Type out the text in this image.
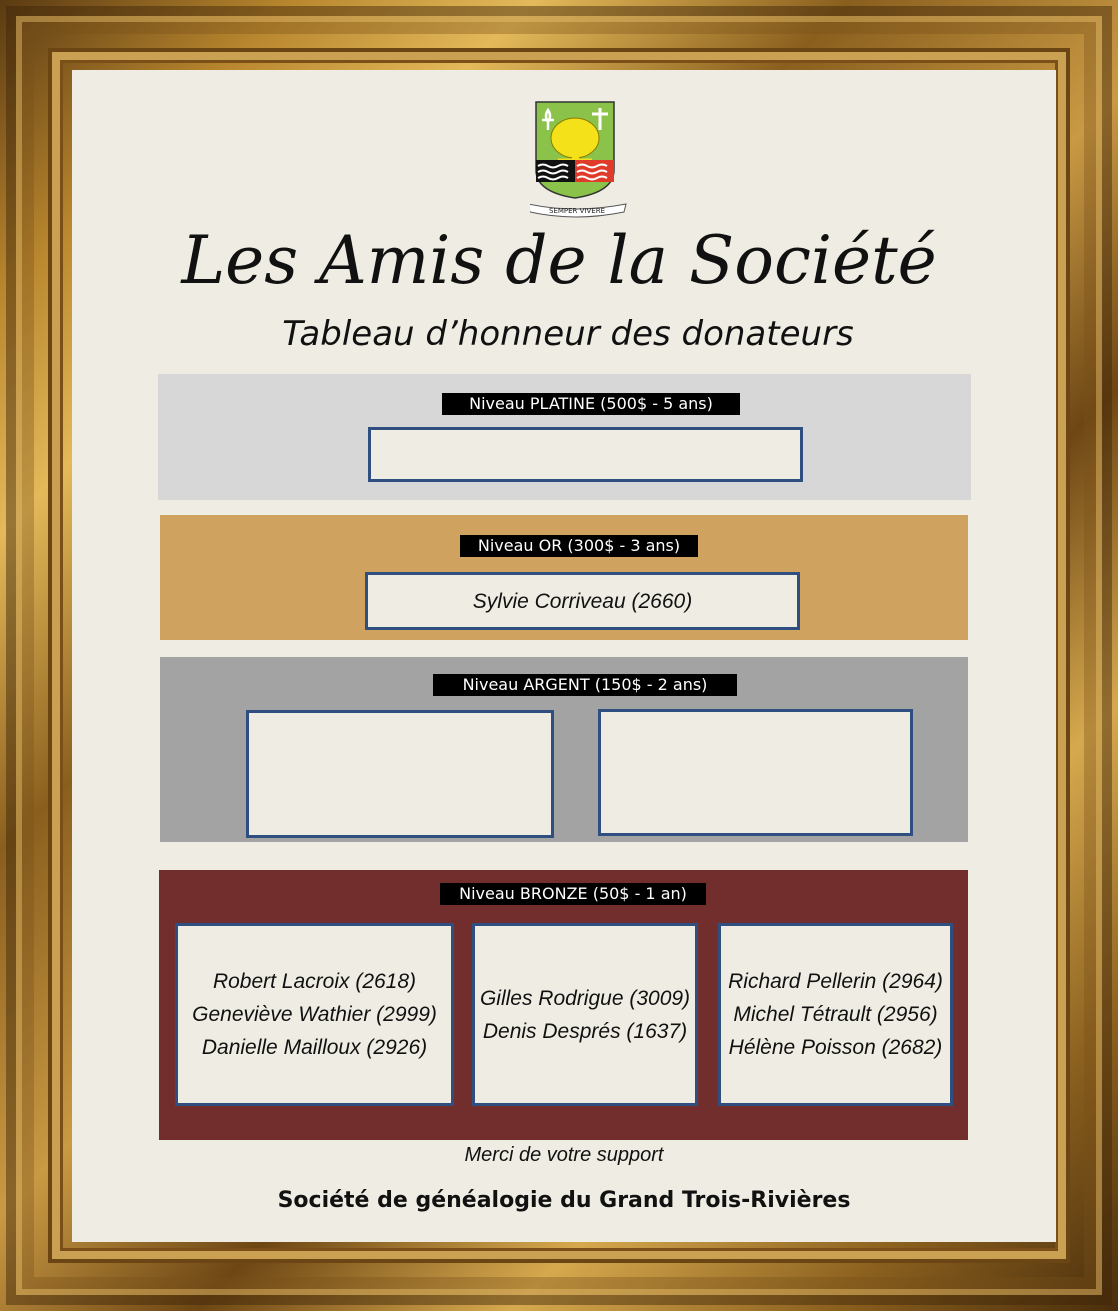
SEMPER VIVERE
Les Amis de la Société
Tableau d’honneur des donateurs
Niveau PLATINE (500$ - 5 ans)
Niveau OR (300$ - 3 ans)
Sylvie Corriveau (2660)
Niveau ARGENT (150$ - 2 ans)
Niveau BRONZE (50$ - 1 an)
Robert Lacroix (2618)
Geneviève Wathier (2999)
Danielle Mailloux (2926)
Gilles Rodrigue (3009)
Denis Després (1637)
Richard Pellerin (2964)
Michel Tétrault (2956)
Hélène Poisson (2682)
Merci de votre support
Société de généalogie du Grand Trois-Rivières
